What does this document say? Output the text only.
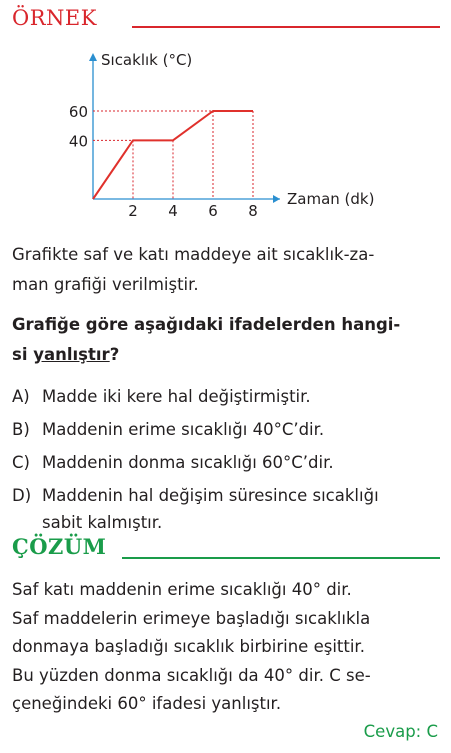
ÖRNEK
40
60
2 4 6 8
Sıcaklık (°C)
Zaman (dk)

Grafikte saf ve katı maddeye ait sıcaklık-za-
man grafiği verilmiştir.

Grafiğe göre aşağıdaki ifadelerden hangi-
si yanlıştır?

A) Madde iki kere hal değiştirmiştir.
B) Maddenin erime sıcaklığı 40°C’dir.
C) Maddenin donma sıcaklığı 60°C’dir.
D) Maddenin hal değişim süresince sıcaklığı
sabit kalmıştır.
ÇÖZÜM

Saf katı maddenin erime sıcaklığı 40° dir.
Saf maddelerin erimeye başladığı sıcaklıkla
donmaya başladığı sıcaklık birbirine eşittir.
Bu yüzden donma sıcaklığı da 40° dir. C se-
çeneğindeki 60° ifadesi yanlıştır.

Cevap: C
